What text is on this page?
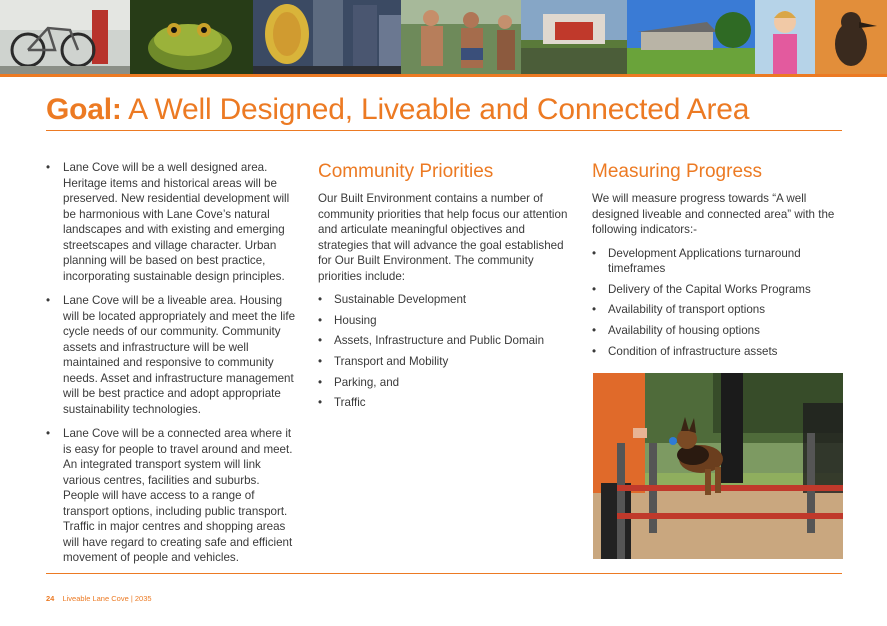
Goal: A Well Designed, Liveable and Connected Area
• Lane Cove will be a well designed area. Heritage items and historical areas will be preserved. New residential development will be harmonious with Lane Cove’s natural landscapes and with existing and emerging streetscapes and village character. Urban planning will be based on best practice, incorporating sustainable design principles.
• Lane Cove will be a liveable area. Housing will be located appropriately and meet the life cycle needs of our community. Community assets and infrastructure will be well maintained and responsive to community needs. Asset and infrastructure management will be best practice and adopt appropriate sustainability technologies.
• Lane Cove will be a connected area where it is easy for people to travel around and meet. An integrated transport system will link various centres, facilities and suburbs. People will have access to a range of transport options, including public transport. Traffic in major centres and shopping areas will have regard to creating safe and efficient movement of people and vehicles.
Community Priorities

Our Built Environment contains a number of community priorities that help focus our attention and articulate meaningful objectives and strategies that will advance the goal established for Our Built Environment. The community priorities include:

• Sustainable Development
• Housing
• Assets, Infrastructure and Public Domain
• Transport and Mobility
• Parking, and
• Traffic
Measuring Progress

We will measure progress towards “A well designed liveable and connected area” with the following indicators:-

• Development Applications turnaround timeframes
• Delivery of the Capital Works Programs
• Availability of transport options
• Availability of housing options
• Condition of infrastructure assets
24 Liveable Lane Cove | 2035
